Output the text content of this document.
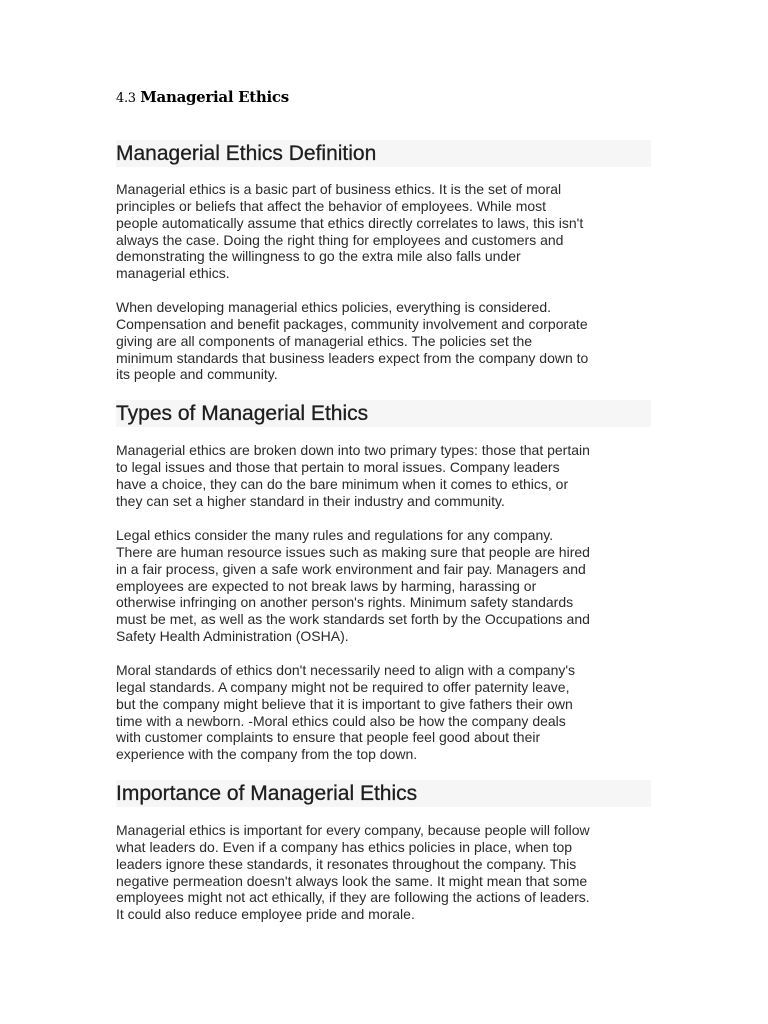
4.3 Managerial Ethics
Managerial Ethics Definition

Managerial ethics is a basic part of business ethics. It is the set of moral
principles or beliefs that affect the behavior of employees. While most
people automatically assume that ethics directly correlates to laws, this isn't
always the case. Doing the right thing for employees and customers and
demonstrating the willingness to go the extra mile also falls under
managerial ethics.

When developing managerial ethics policies, everything is considered.
Compensation and benefit packages, community involvement and corporate
giving are all components of managerial ethics. The policies set the
minimum standards that business leaders expect from the company down to
its people and community.

Types of Managerial Ethics

Managerial ethics are broken down into two primary types: those that pertain
to legal issues and those that pertain to moral issues. Company leaders
have a choice, they can do the bare minimum when it comes to ethics, or
they can set a higher standard in their industry and community.

Legal ethics consider the many rules and regulations for any company.
There are human resource issues such as making sure that people are hired
in a fair process, given a safe work environment and fair pay. Managers and
employees are expected to not break laws by harming, harassing or
otherwise infringing on another person's rights. Minimum safety standards
must be met, as well as the work standards set forth by the Occupations and
Safety Health Administration (OSHA).

Moral standards of ethics don't necessarily need to align with a company's
legal standards. A company might not be required to offer paternity leave,
but the company might believe that it is important to give fathers their own
time with a newborn. -Moral ethics could also be how the company deals
with customer complaints to ensure that people feel good about their
experience with the company from the top down.

Importance of Managerial Ethics

Managerial ethics is important for every company, because people will follow
what leaders do. Even if a company has ethics policies in place, when top
leaders ignore these standards, it resonates throughout the company. This
negative permeation doesn't always look the same. It might mean that some
employees might not act ethically, if they are following the actions of leaders.
It could also reduce employee pride and morale.
